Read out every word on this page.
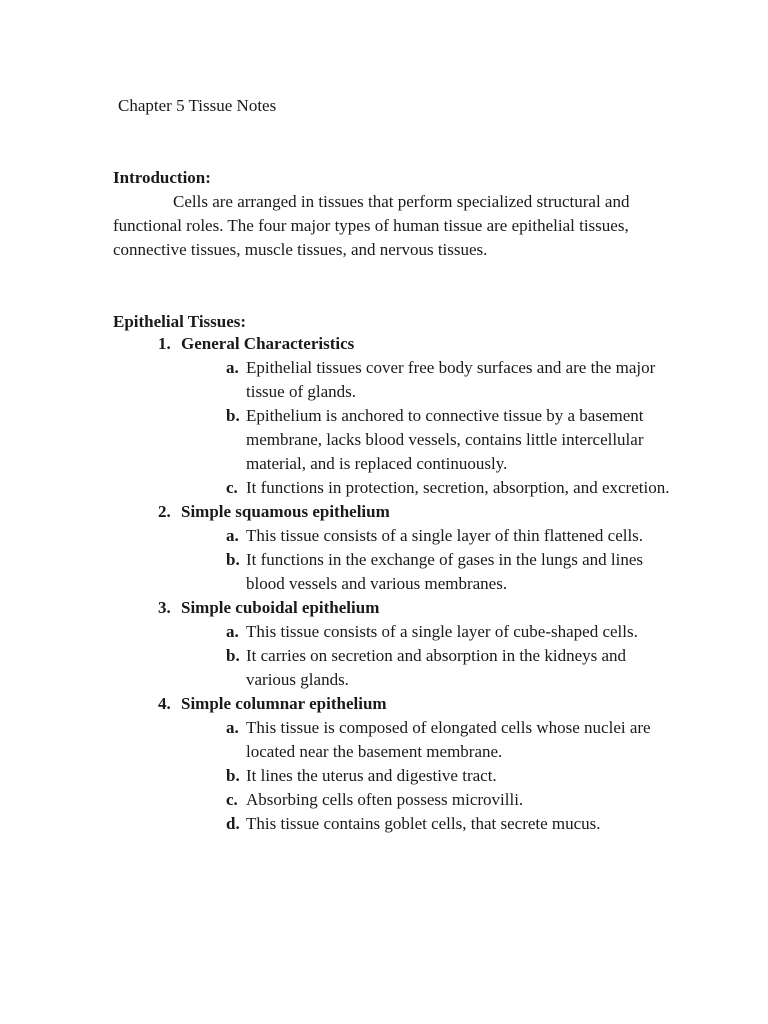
Chapter 5 Tissue Notes
Introduction:
Cells are arranged in tissues that perform specialized structural and functional roles. The four major types of human tissue are epithelial tissues, connective tissues, muscle tissues, and nervous tissues.
Epithelial Tissues:
1. General Characteristics
a. Epithelial tissues cover free body surfaces and are the major tissue of glands.
b. Epithelium is anchored to connective tissue by a basement membrane, lacks blood vessels, contains little intercellular material, and is replaced continuously.
c. It functions in protection, secretion, absorption, and excretion.
2. Simple squamous epithelium
a. This tissue consists of a single layer of thin flattened cells.
b. It functions in the exchange of gases in the lungs and lines blood vessels and various membranes.
3. Simple cuboidal epithelium
a. This tissue consists of a single layer of cube-shaped cells.
b. It carries on secretion and absorption in the kidneys and various glands.
4. Simple columnar epithelium
a. This tissue is composed of elongated cells whose nuclei are located near the basement membrane.
b. It lines the uterus and digestive tract.
c. Absorbing cells often possess microvilli.
d. This tissue contains goblet cells, that secrete mucus.
